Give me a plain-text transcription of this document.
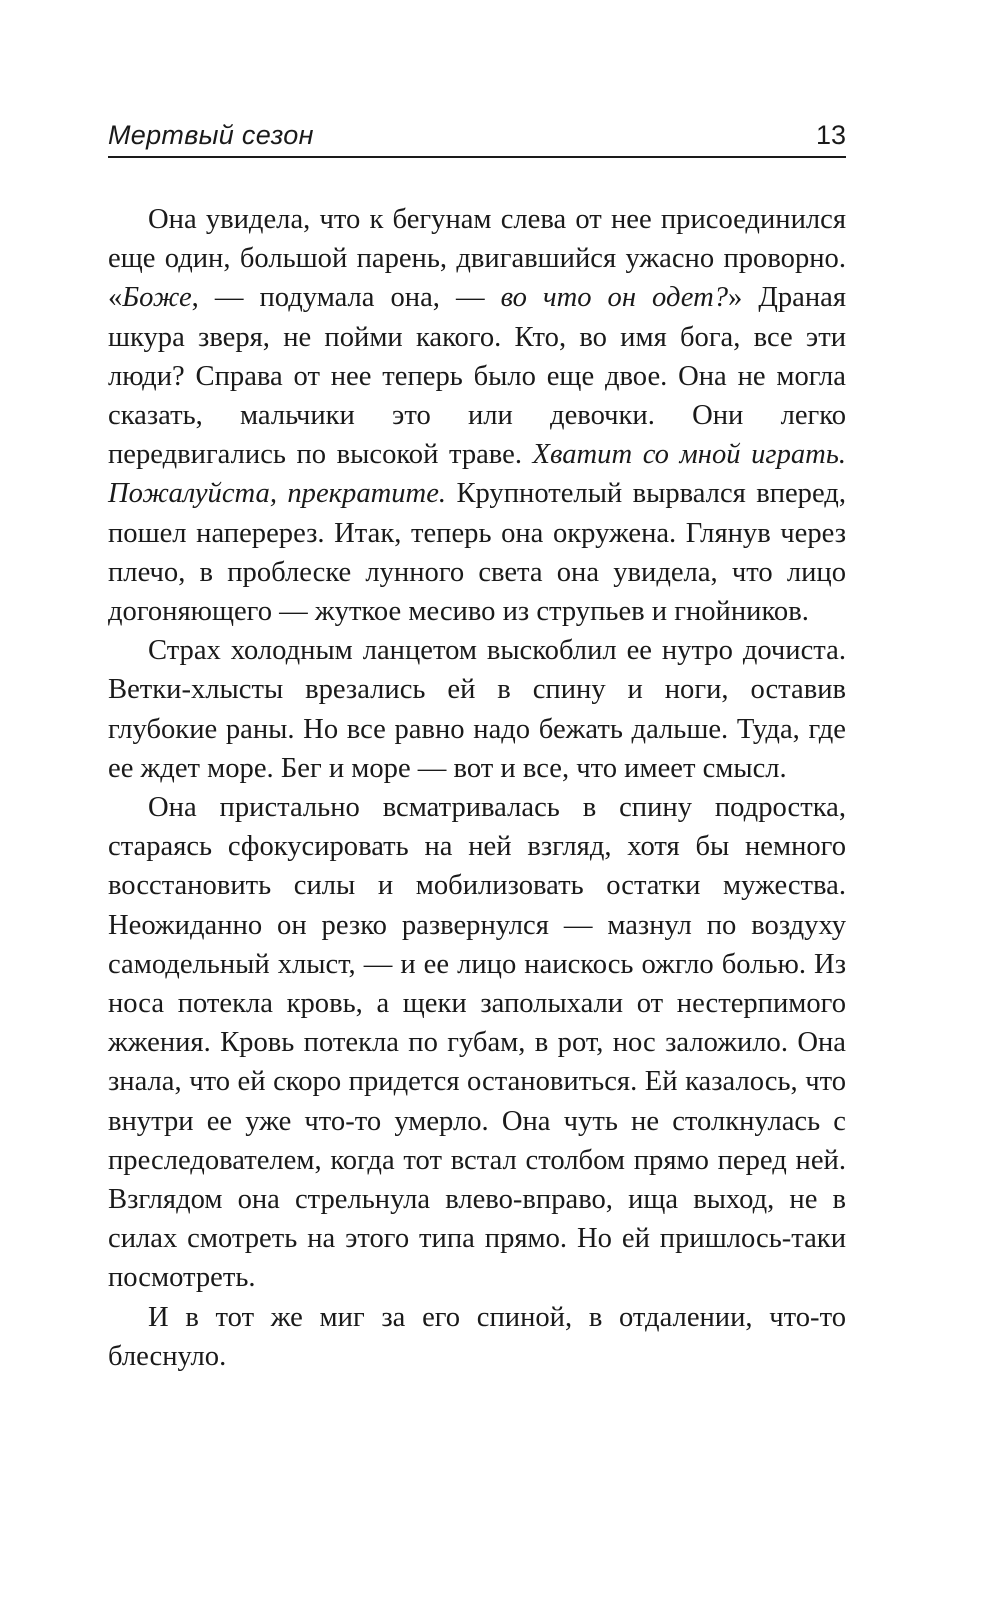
Мертвый сезон	13

Она увидела, что к бегунам слева от нее присоединился еще один, большой парень, двигавшийся ужасно проворно. «Боже, — подумала она, — во что он одет?» Драная шкура зверя, не пойми какого. Кто, во имя бога, все эти люди? Справа от нее теперь было еще двое. Она не могла сказать, мальчики это или девочки. Они легко передвигались по высокой траве. Хватит со мной играть. Пожалуйста, прекратите. Крупнотелый вырвался вперед, пошел наперерез. Итак, теперь она окружена. Глянув через плечо, в проблеске лунного света она увидела, что лицо догоняющего — жуткое месиво из струпьев и гнойников.

Страх холодным ланцетом выскоблил ее нутро дочиста. Ветки-хлысты врезались ей в спину и ноги, оставив глубокие раны. Но все равно надо бежать дальше. Туда, где ее ждет море. Бег и море — вот и все, что имеет смысл.

Она пристально всматривалась в спину подростка, стараясь сфокусировать на ней взгляд, хотя бы немного восстановить силы и мобилизовать остатки мужества. Неожиданно он резко развернулся — мазнул по воздуху самодельный хлыст, — и ее лицо наискось ожгло болью. Из носа потекла кровь, а щеки заполыхали от нестерпимого жжения. Кровь потекла по губам, в рот, нос заложило. Она знала, что ей скоро придется остановиться. Ей казалось, что внутри ее уже что-то умерло. Она чуть не столкнулась с преследователем, когда тот встал столбом прямо перед ней. Взглядом она стрельнула влево-вправо, ища выход, не в силах смотреть на этого типа прямо. Но ей пришлось-таки посмотреть.

И в тот же миг за его спиной, в отдалении, что-то блеснуло.
